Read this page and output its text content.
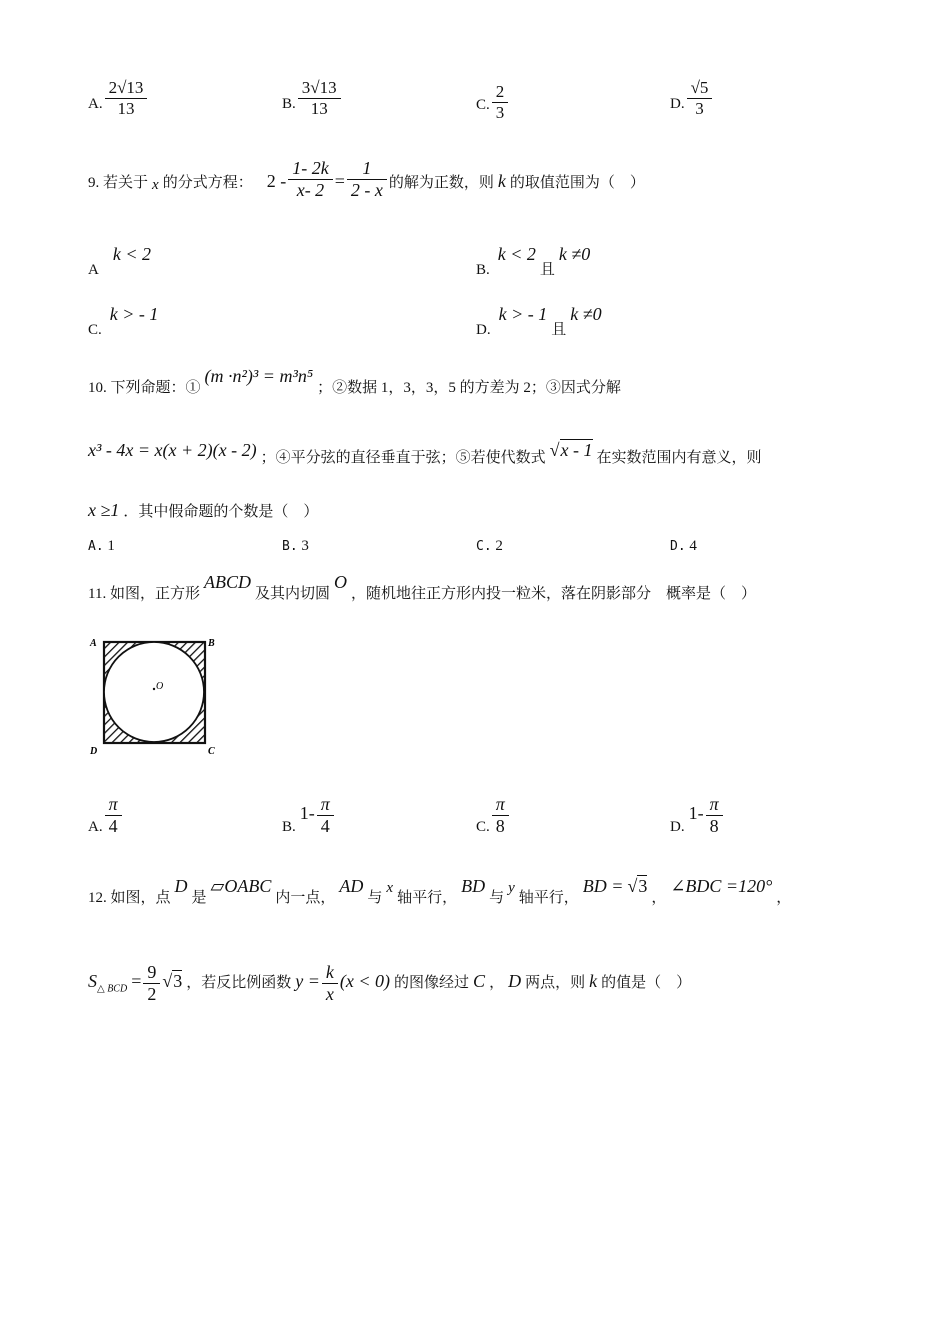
A. $\frac{2√13}{13}$	B. $\frac{3√13}{13}$	C. $\frac{2}{3}$	D. $\frac{√5}{3}$
9. 若关于 x 的分式方程： $2 - \frac{1- 2k}{x- 2} = \frac{1}{2 - x}$ 的解为正数，则 k 的取值范围为（　）
A k < 2
B. k < 2 且 k ≠0
C. k > - 1
D. k > - 1 且 k ≠0
10. 下列命题：① (m ·n²)³ = m³n⁵ ；②数据 1，3，3，5 的方差为 2；③因式分解
x³ - 4x = x(x + 2)(x - 2) ；④平分弦的直径垂直于弦；⑤若使代数式 √x - 1 在实数范围内有意义，则
x ≥1 ．其中假命题的个数是（　）
A. 1	B. 3	C. 2	D. 4
11. 如图，正方形 ABCD 及其内切圆 O ，随机地往正方形内投一粒米，落在阴影部分　概率是（　）
A	B
C
D
O
A. $\frac{\pi}{4}$	B. $1- \frac{\pi}{4}$	C. $\frac{\pi}{8}$	D. $1- \frac{\pi}{8}$
12. 如图，点 D 是 ▱OABC 内一点， AD 与 x 轴平行， BD 与 y 轴平行， BD = √3 ， ∠BDC =120° ，
$S_{\triangle BCD} = \frac{9}{2} √3$ ，若反比例函数 $y = \frac{k}{x} (x < 0)$ 的图像经过 C ， D 两点，则 k 的值是（　）
